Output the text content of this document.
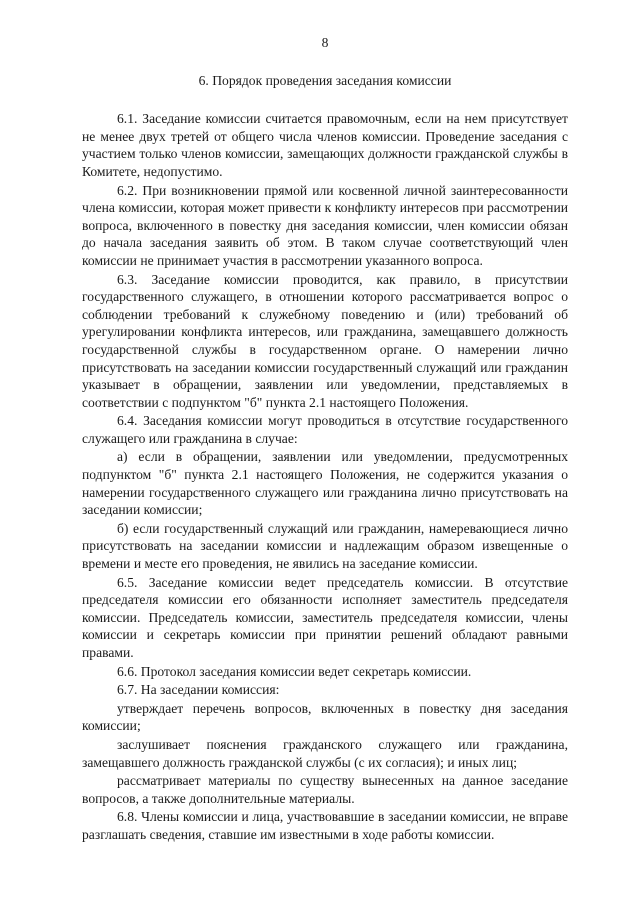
8
6. Порядок проведения заседания комиссии

6.1. Заседание комиссии считается правомочным, если на нем присутствует не менее двух третей от общего числа членов комиссии. Проведение заседания с участием только членов комиссии, замещающих должности гражданской службы в Комитете, недопустимо.

6.2. При возникновении прямой или косвенной личной заинтересованности члена комиссии, которая может привести к конфликту интересов при рассмотрении вопроса, включенного в повестку дня заседания комиссии, член комиссии обязан до начала заседания заявить об этом. В таком случае соответствующий член комиссии не принимает участия в рассмотрении указанного вопроса.

6.3. Заседание комиссии проводится, как правило, в присутствии государственного служащего, в отношении которого рассматривается вопрос о соблюдении требований к служебному поведению и (или) требований об урегулировании конфликта интересов, или гражданина, замещавшего должность государственной службы в государственном органе. О намерении лично присутствовать на заседании комиссии государственный служащий или гражданин указывает в обращении, заявлении или уведомлении, представляемых в соответствии с подпунктом "б" пункта 2.1 настоящего Положения.

6.4. Заседания комиссии могут проводиться в отсутствие государственного служащего или гражданина в случае:

а) если в обращении, заявлении или уведомлении, предусмотренных подпунктом "б" пункта 2.1 настоящего Положения, не содержится указания о намерении государственного служащего или гражданина лично присутствовать на заседании комиссии;

б) если государственный служащий или гражданин, намеревающиеся лично присутствовать на заседании комиссии и надлежащим образом извещенные о времени и месте его проведения, не явились на заседание комиссии.

6.5. Заседание комиссии ведет председатель комиссии. В отсутствие председателя комиссии его обязанности исполняет заместитель председателя комиссии. Председатель комиссии, заместитель председателя комиссии, члены комиссии и секретарь комиссии при принятии решений обладают равными правами.

6.6. Протокол заседания комиссии ведет секретарь комиссии.

6.7. На заседании комиссия:

утверждает перечень вопросов, включенных в повестку дня заседания комиссии;

заслушивает пояснения гражданского служащего или гражданина, замещавшего должность гражданской службы (с их согласия); и иных лиц;

рассматривает материалы по существу вынесенных на данное заседание вопросов, а также дополнительные материалы.

6.8. Члены комиссии и лица, участвовавшие в заседании комиссии, не вправе разглашать сведения, ставшие им известными в ходе работы комиссии.
